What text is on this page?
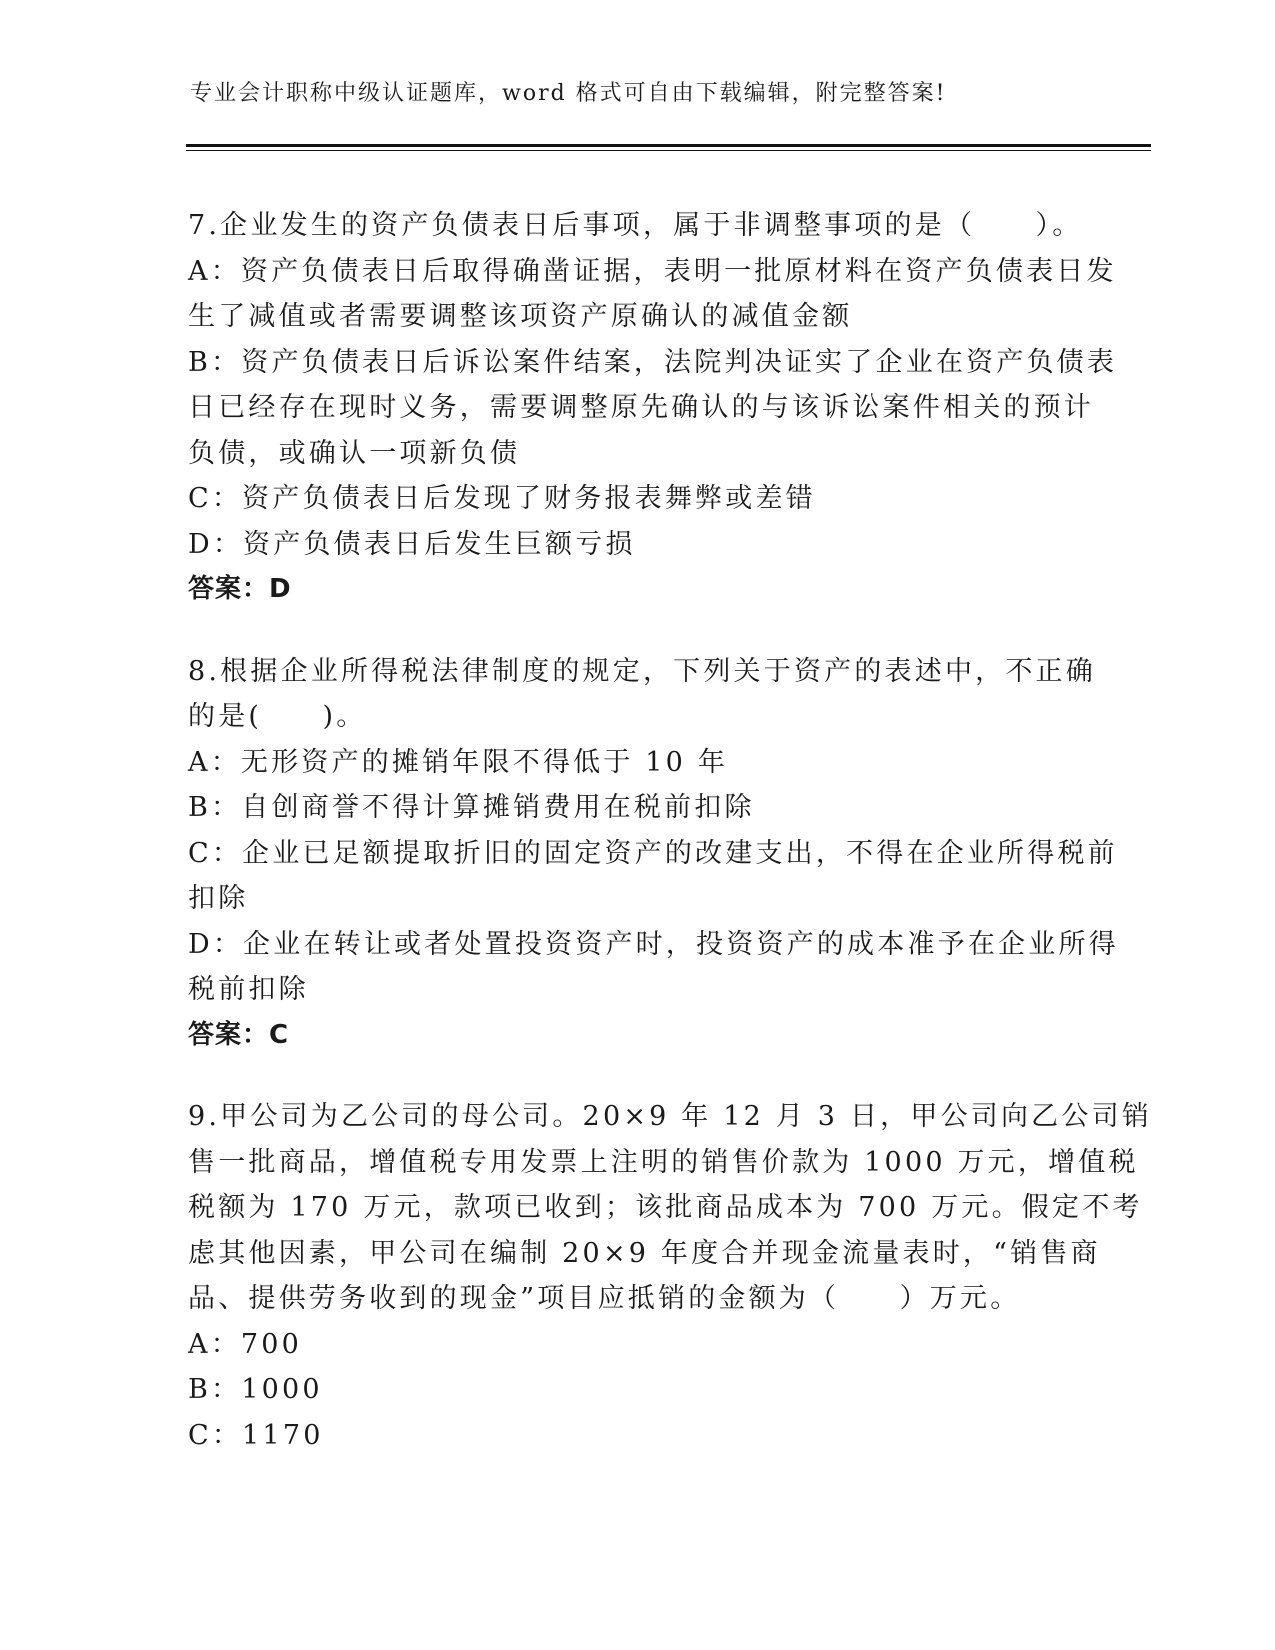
专业会计职称中级认证题库，word 格式可自由下载编辑，附完整答案!
7.企业发生的资产负债表日后事项，属于非调整事项的是（　　）。
A：资产负债表日后取得确凿证据，表明一批原材料在资产负债表日发
生了减值或者需要调整该项资产原确认的减值金额
B：资产负债表日后诉讼案件结案，法院判决证实了企业在资产负债表
日已经存在现时义务，需要调整原先确认的与该诉讼案件相关的预计
负债，或确认一项新负债
C：资产负债表日后发现了财务报表舞弊或差错
D：资产负债表日后发生巨额亏损
答案：D
8.根据企业所得税法律制度的规定，下列关于资产的表述中，不正确
的是(　　)。
A：无形资产的摊销年限不得低于 10 年
B：自创商誉不得计算摊销费用在税前扣除
C：企业已足额提取折旧的固定资产的改建支出，不得在企业所得税前
扣除
D：企业在转让或者处置投资资产时，投资资产的成本准予在企业所得
税前扣除
答案：C
9.甲公司为乙公司的母公司。20×9 年 12 月 3 日，甲公司向乙公司销
售一批商品，增值税专用发票上注明的销售价款为 1000 万元，增值税
税额为 170 万元，款项已收到；该批商品成本为 700 万元。假定不考
虑其他因素，甲公司在编制 20×9 年度合并现金流量表时，“销售商
品、提供劳务收到的现金”项目应抵销的金额为（　　）万元。
A：700
B：1000
C：1170
